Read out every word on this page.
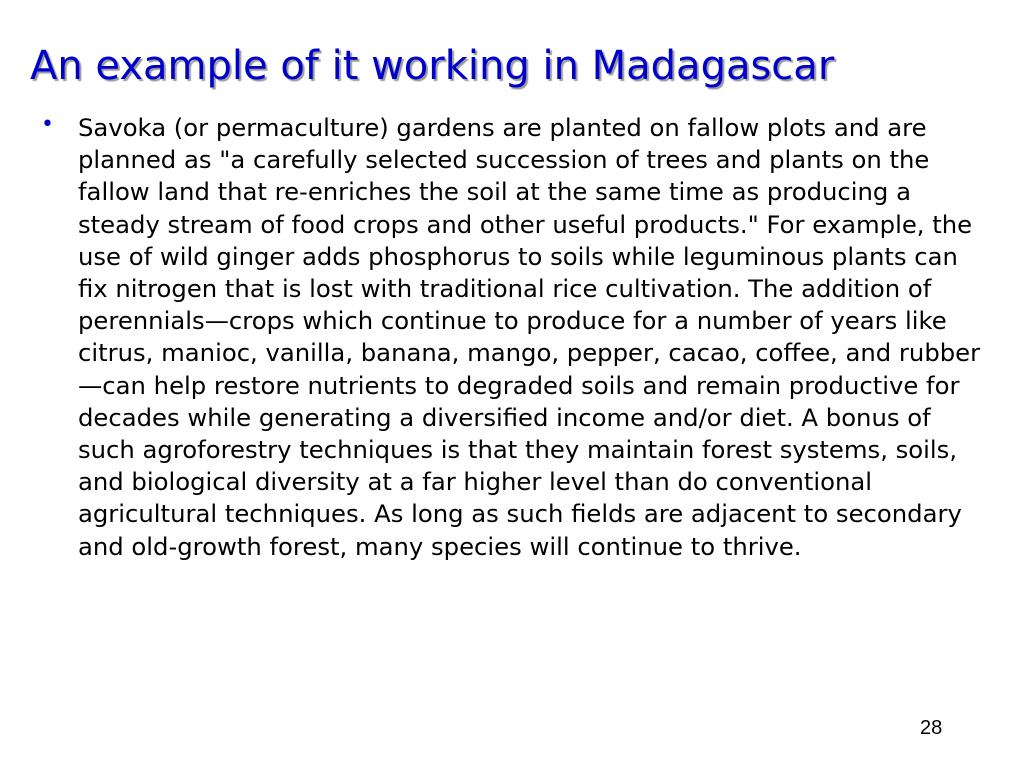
An example of it working in Madagascar
• Savoka (or permaculture) gardens are planted on fallow plots and are planned as "a carefully selected succession of trees and plants on the fallow land that re-enriches the soil at the same time as producing a steady stream of food crops and other useful products." For example, the use of wild ginger adds phosphorus to soils while leguminous plants can fix nitrogen that is lost with traditional rice cultivation. The addition of perennials—crops which continue to produce for a number of years like citrus, manioc, vanilla, banana, mango, pepper, cacao, coffee, and rubber—can help restore nutrients to degraded soils and remain productive for decades while generating a diversified income and/or diet. A bonus of such agroforestry techniques is that they maintain forest systems, soils, and biological diversity at a far higher level than do conventional agricultural techniques. As long as such fields are adjacent to secondary and old-growth forest, many species will continue to thrive.
28
